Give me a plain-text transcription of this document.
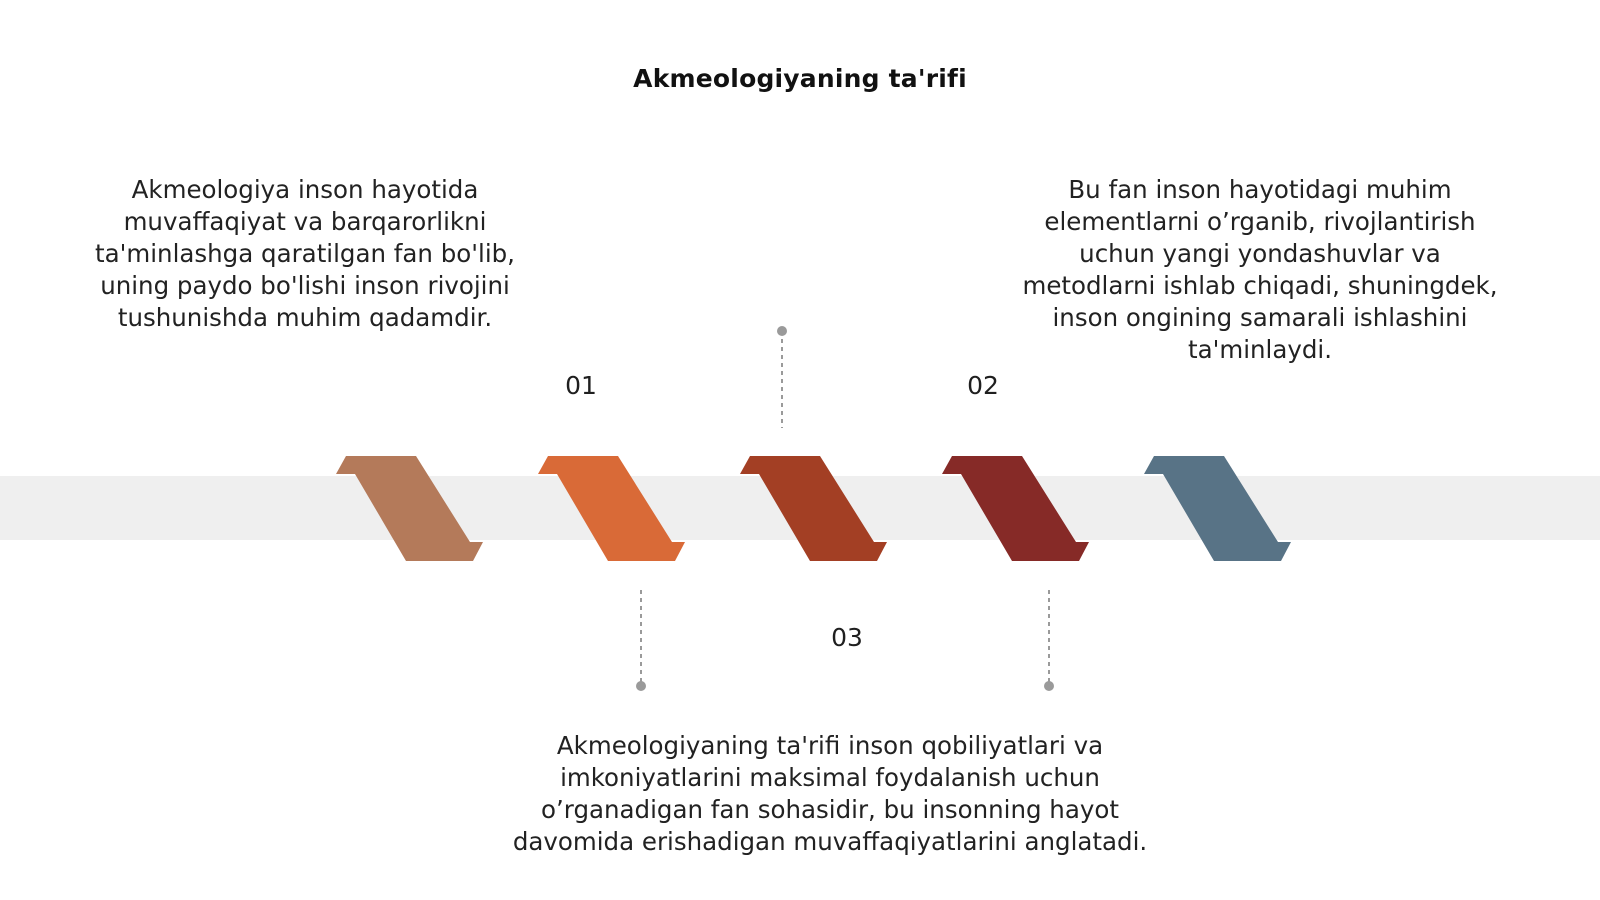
Akmeologiyaning ta'rifi
Akmeologiya inson hayotida muvaffaqiyat va barqarorlikni ta'minlashga qaratilgan fan bo'lib, uning paydo bo'lishi inson rivojini tushunishda muhim qadamdir.
Bu fan inson hayotidagi muhim elementlarni o’rganib, rivojlantirish uchun yangi yondashuvlar va metodlarni ishlab chiqadi, shuningdek, inson ongining samarali ishlashini ta'minlaydi.
Akmeologiyaning ta'rifi inson qobiliyatlari va imkoniyatlarini maksimal foydalanish uchun o’rganadigan fan sohasidir, bu insonning hayot davomida erishadigan muvaffaqiyatlarini anglatadi.
01	02
03
